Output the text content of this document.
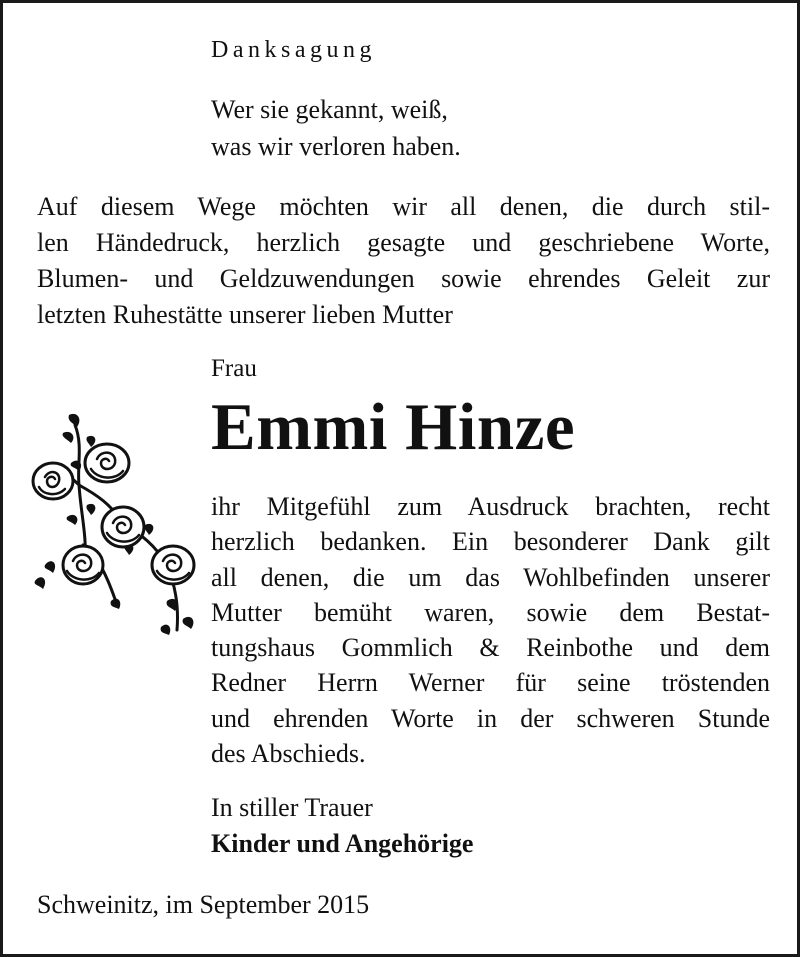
Danksagung
Wer sie gekannt, weiß,
was wir verloren haben.
Auf diesem Wege möchten wir all denen, die durch stil-
len Händedruck, herzlich gesagte und geschriebene Worte,
Blumen- und Geldzuwendungen sowie ehrendes Geleit zur
letzten Ruhestätte unserer lieben Mutter
Frau
Emmi Hinze
ihr Mitgefühl zum Ausdruck brachten, recht
herzlich bedanken. Ein besonderer Dank gilt
all denen, die um das Wohlbefinden unserer
Mutter bemüht waren, sowie dem Bestat-
tungshaus Gommlich & Reinbothe und dem
Redner Herrn Werner für seine tröstenden
und ehrenden Worte in der schweren Stunde
des Abschieds.
In stiller Trauer
Kinder und Angehörige
Schweinitz, im September 2015
